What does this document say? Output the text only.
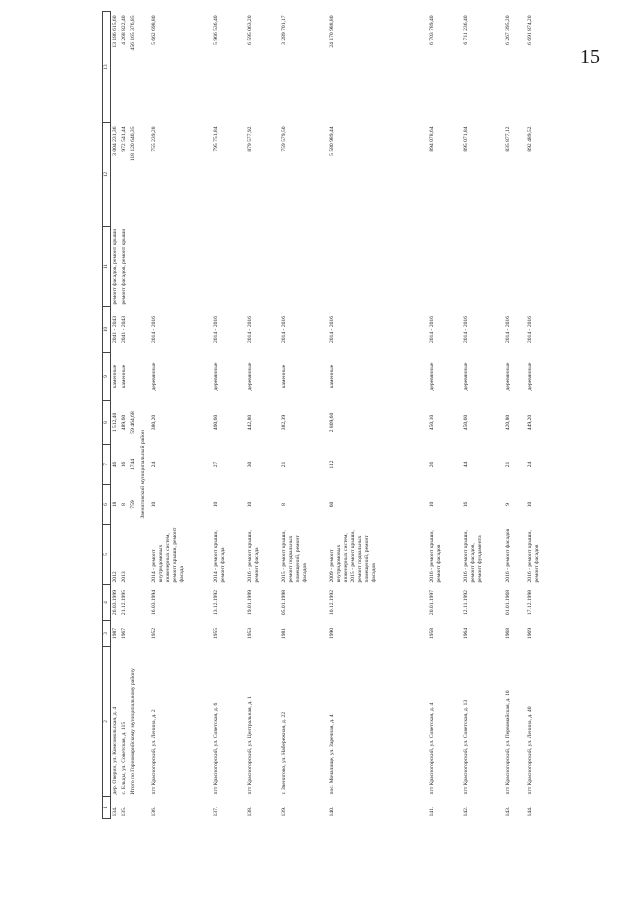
15
1	2	3	4	5	6	7	8	9	10	11	12	13
134.	дер. Оверин, ул. Комсомольская, д. 4	1987	26.03.1999	2012	18	46	1 512,40	каменные	2041 - 2043	ремонт фасадов, ремонт крыши	3 004 231,36	13 186 615,60
135.	с. Ельцы, ул. Советская, д. 115	1967	21.12.1995	2013	8	16	489,60	каменные	2041 - 2043	ремонт фасадов, ремонт крыши	972 541,44	4 268 822,40
	Итого по Горномарийскому муниципальному району				759	1744	59 464,68				118 120 640,35	456 165 376,85
Звениговский муниципальный район												
136.	пгт Красногорский, ул. Ленина, д. 2	1952	16.03.1994	2014 - ремонт внутридомовых инженерных систем, ремонт крыши, ремонт фасада	10	24	380,20	деревянные	2014 - 2016		755 239,28	5 662 698,80
137.	пгт Красногорский, ул. Советская, д. 6	1955	13.12.1992	2014 - ремонт крыши, ремонт фасада	10	27	400,60	деревянные	2014 - 2016		795 751,84	5 966 536,40
138.	пгт Красногорский, ул. Центральная, д. 1	1953	19.01.1999	2016 - ремонт крыши, ремонт фасада	10	30	442,80	деревянные	2014 - 2016		879 577,92	6 595 063,20
139.	г. Звенигово, ул. Набережная, д. 22	1981	05.01.1998	2015 - ремонт крыши, ремонт подвальных помещений, ремонт фасадов	8	21	382,39	каменные	2014 - 2016		759 579,50	3 289 701,17
140.	пос. Мочалище, ул. Заречная, д. 4	1990	10.12.1992	2009 - ремонт внутридомовых инженерных систем, 2015 - ремонт крыши, ремонт подвальных помещений, ремонт фасадов	60	112	2 809,60	каменные	2014 - 2016		5 580 989,44	24 170 988,80
141.	пгт Красногорский, ул. Советская, д. 4	1958	20.01.1997	2016 - ремонт крыши, ремонт фасадов	10	26	450,10	деревянные	2014 - 2016		894 078,64	6 703 789,40
142.	пгт Красногорский, ул. Советская, д. 13	1964	12.11.1992	2016 - ремонт крыши, ремонт фасадов, ремонт фундамента	16	44	450,60	деревянные	2014 - 2016		895 071,84	6 711 236,40
143.	пгт Красногорский, ул. Первомайская, д. 10	1968	01.01.1968	2016 - ремонт фасадов	9	21	420,80	деревянные	2014 - 2016		835 877,12	6 267 395,20
144.	пгт Красногорский, ул. Ленина, д. 40	1969	17.12.1998	2016 - ремонт крыши, ремонт фасадов	10	24	449,20	деревянные	2014 - 2016		892 489,52	6 691 874,20
